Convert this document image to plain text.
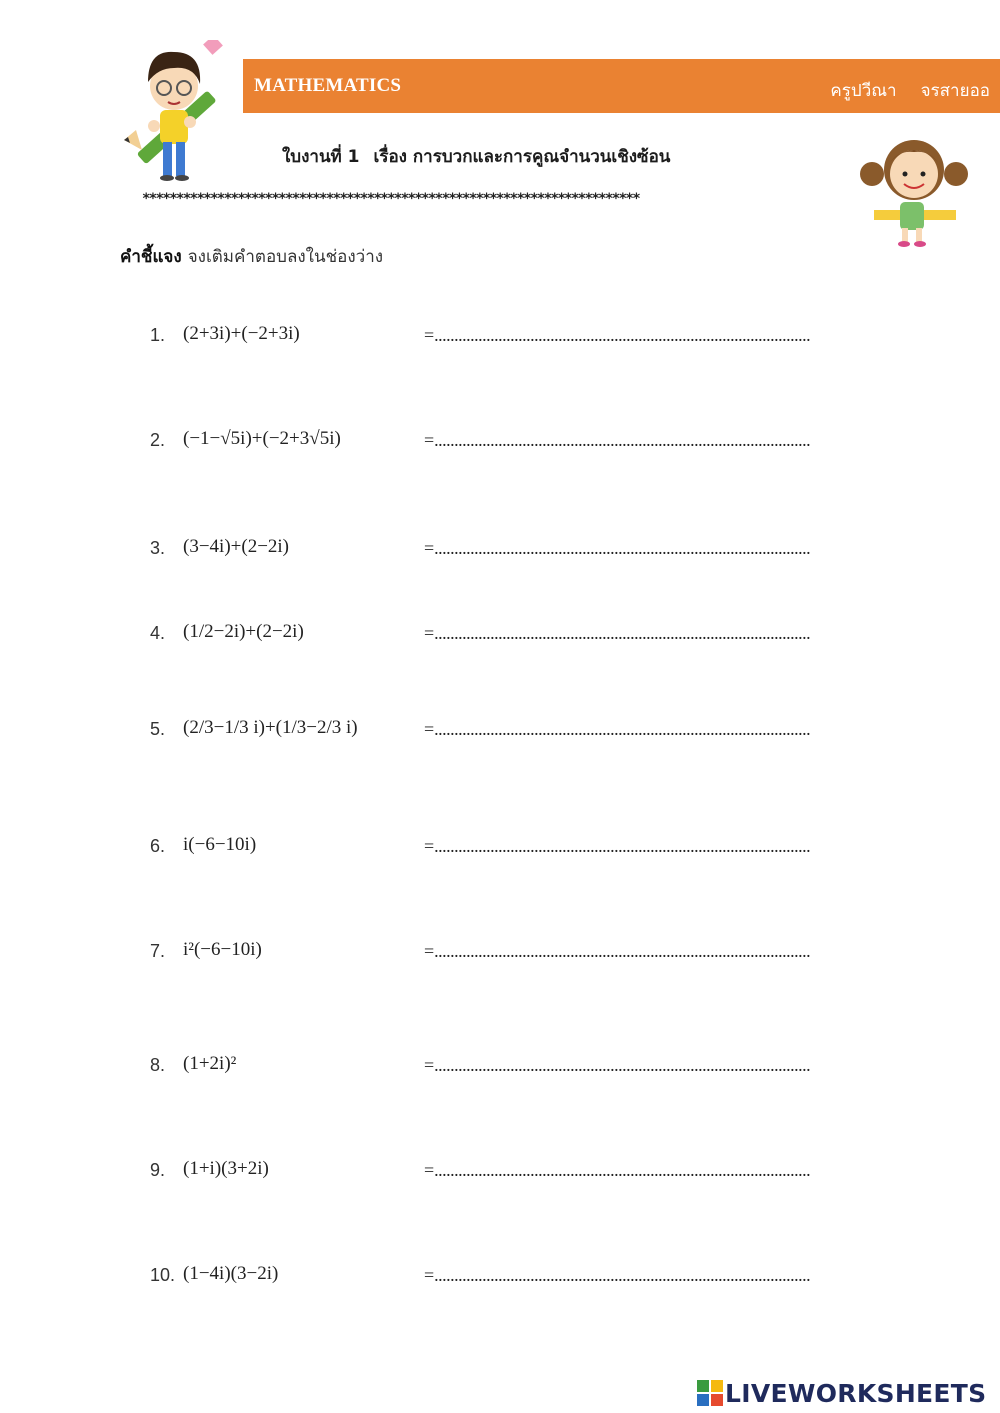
MATHEMATICS	ครูปวีณา จรสายออ
ใบงานที่ 1 เรื่อง การบวกและการคูณจำนวนเชิงซ้อน
*************************************************************************
คำชี้แจง จงเติมคำตอบลงในช่องว่าง
1. (2+3i)+(−2+3i)	=..............................................................................................
2. (−1−√5i)+(−2+3√5i)	=..............................................................................................
3. (3−4i)+(2−2i)	=..............................................................................................
4. (1/2−2i)+(2−2i)	=..............................................................................................
5. (2/3−1/3 i)+(1/3−2/3 i)	=..............................................................................................
6. i(−6−10i)	=..............................................................................................
7. i²(−6−10i)	=..............................................................................................
8. (1+2i)²	=..............................................................................................
9. (1+i)(3+2i)	=..............................................................................................
10. (1−4i)(3−2i)	=..............................................................................................
LIVEWORKSHEETS
